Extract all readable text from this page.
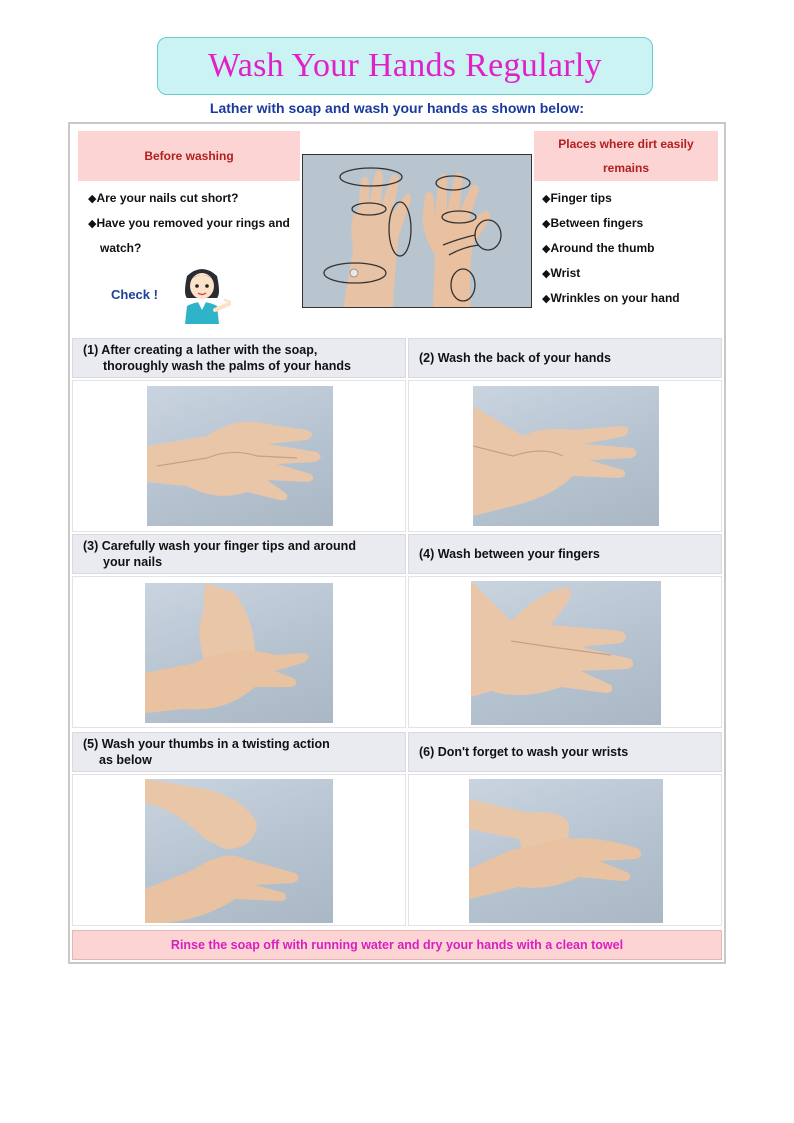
Wash Your Hands Regularly
Lather with soap and wash your hands as shown below:
Before washing
◆ Are your nails cut short?
◆ Have you removed your rings and watch?
Check !
Places where dirt easily remains
◆ Finger tips
◆ Between fingers
◆ Around the thumb
◆ Wrist
◆ Wrinkles on your hand
(1) After creating a lather with the soap,
thoroughly wash the palms of your hands
(2) Wash the back of your hands
(3) Carefully wash your finger tips and around
your nails
(4) Wash between your fingers
(5) Wash your thumbs in a twisting action
as below
(6) Don't forget to wash your wrists
Rinse the soap off with running water and dry your hands with a clean towel
